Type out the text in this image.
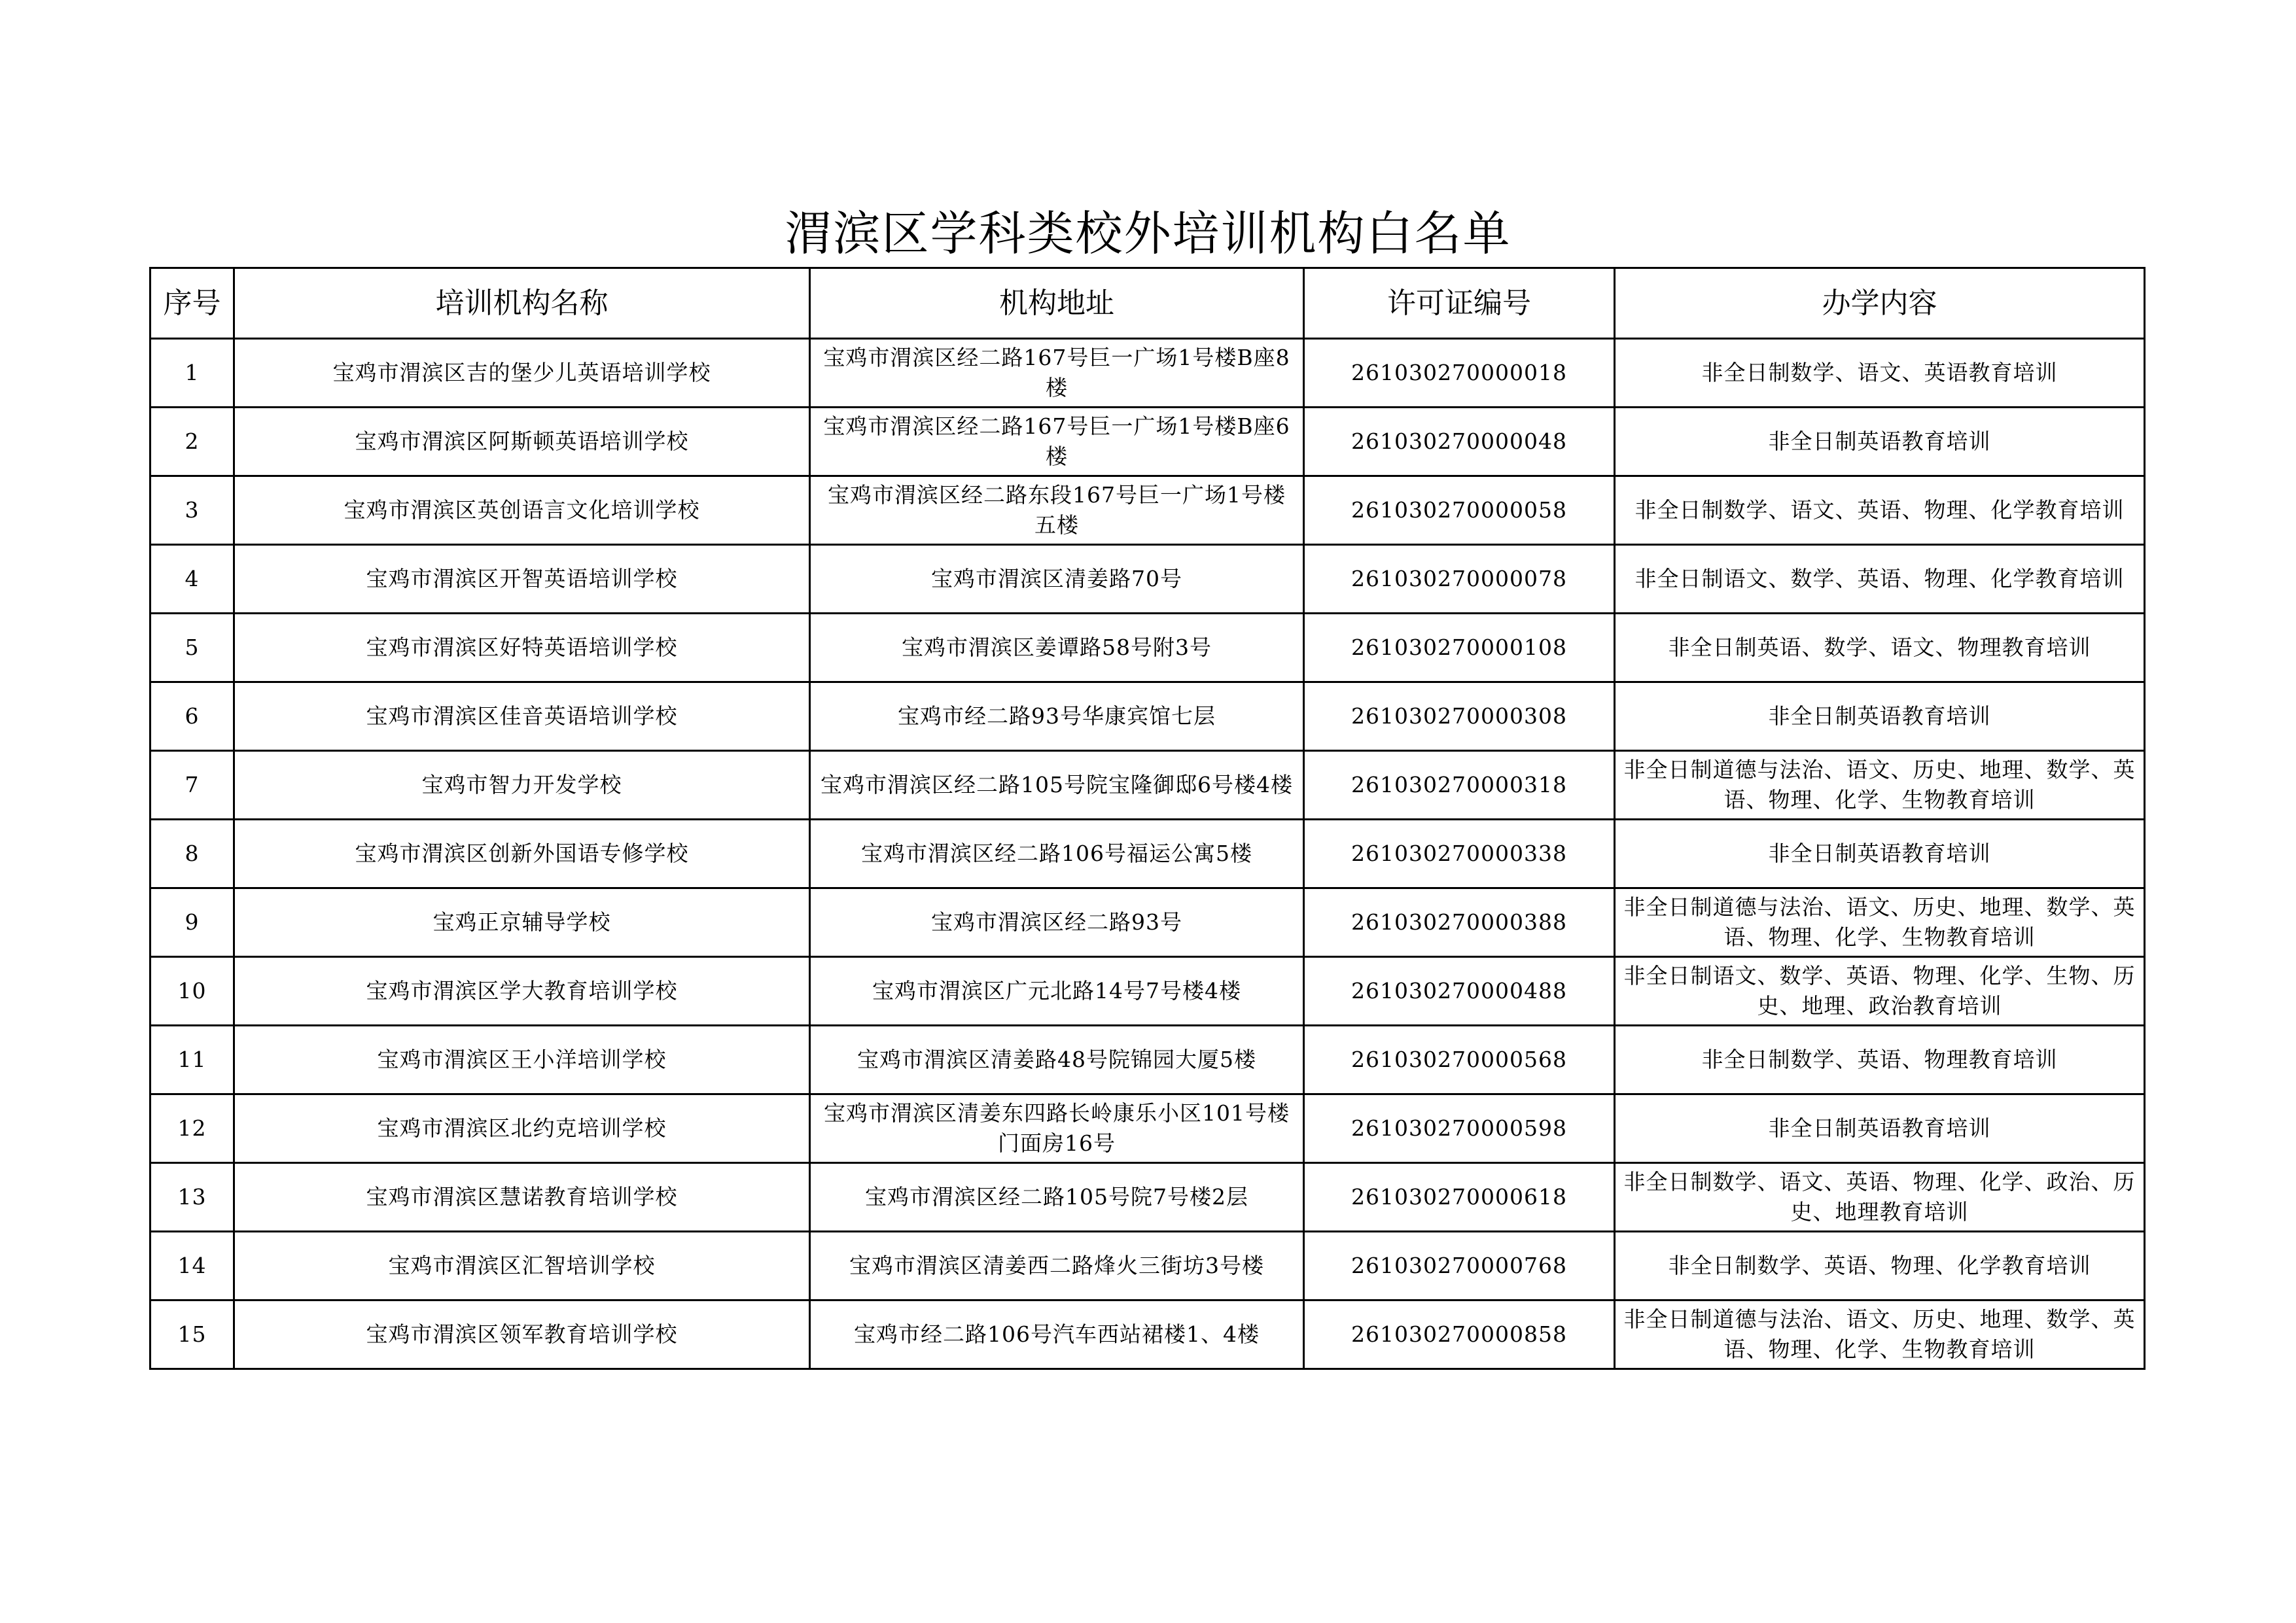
渭滨区学科类校外培训机构白名单
序号	培训机构名称	机构地址	许可证编号	办学内容
1	宝鸡市渭滨区吉的堡少儿英语培训学校	宝鸡市渭滨区经二路167号巨一广场1号楼B座8楼	261030270000018	非全日制数学、语文、英语教育培训
2	宝鸡市渭滨区阿斯顿英语培训学校	宝鸡市渭滨区经二路167号巨一广场1号楼B座6楼	261030270000048	非全日制英语教育培训
3	宝鸡市渭滨区英创语言文化培训学校	宝鸡市渭滨区经二路东段167号巨一广场1号楼五楼	261030270000058	非全日制数学、语文、英语、物理、化学教育培训
4	宝鸡市渭滨区开智英语培训学校	宝鸡市渭滨区清姜路70号	261030270000078	非全日制语文、数学、英语、物理、化学教育培训
5	宝鸡市渭滨区好特英语培训学校	宝鸡市渭滨区姜谭路58号附3号	261030270000108	非全日制英语、数学、语文、物理教育培训
6	宝鸡市渭滨区佳音英语培训学校	宝鸡市经二路93号华康宾馆七层	261030270000308	非全日制英语教育培训
7	宝鸡市智力开发学校	宝鸡市渭滨区经二路105号院宝隆御邸6号楼4楼	261030270000318	非全日制道德与法治、语文、历史、地理、数学、英语、物理、化学、生物教育培训
8	宝鸡市渭滨区创新外国语专修学校	宝鸡市渭滨区经二路106号福运公寓5楼	261030270000338	非全日制英语教育培训
9	宝鸡正京辅导学校	宝鸡市渭滨区经二路93号	261030270000388	非全日制道德与法治、语文、历史、地理、数学、英语、物理、化学、生物教育培训
10	宝鸡市渭滨区学大教育培训学校	宝鸡市渭滨区广元北路14号7号楼4楼	261030270000488	非全日制语文、数学、英语、物理、化学、生物、历史、地理、政治教育培训
11	宝鸡市渭滨区王小洋培训学校	宝鸡市渭滨区清姜路48号院锦园大厦5楼	261030270000568	非全日制数学、英语、物理教育培训
12	宝鸡市渭滨区北约克培训学校	宝鸡市渭滨区清姜东四路长岭康乐小区101号楼门面房16号	261030270000598	非全日制英语教育培训
13	宝鸡市渭滨区慧诺教育培训学校	宝鸡市渭滨区经二路105号院7号楼2层	261030270000618	非全日制数学、语文、英语、物理、化学、政治、历史、地理教育培训
14	宝鸡市渭滨区汇智培训学校	宝鸡市渭滨区清姜西二路烽火三街坊3号楼	261030270000768	非全日制数学、英语、物理、化学教育培训
15	宝鸡市渭滨区领军教育培训学校	宝鸡市经二路106号汽车西站裙楼1、4楼	261030270000858	非全日制道德与法治、语文、历史、地理、数学、英语、物理、化学、生物教育培训
